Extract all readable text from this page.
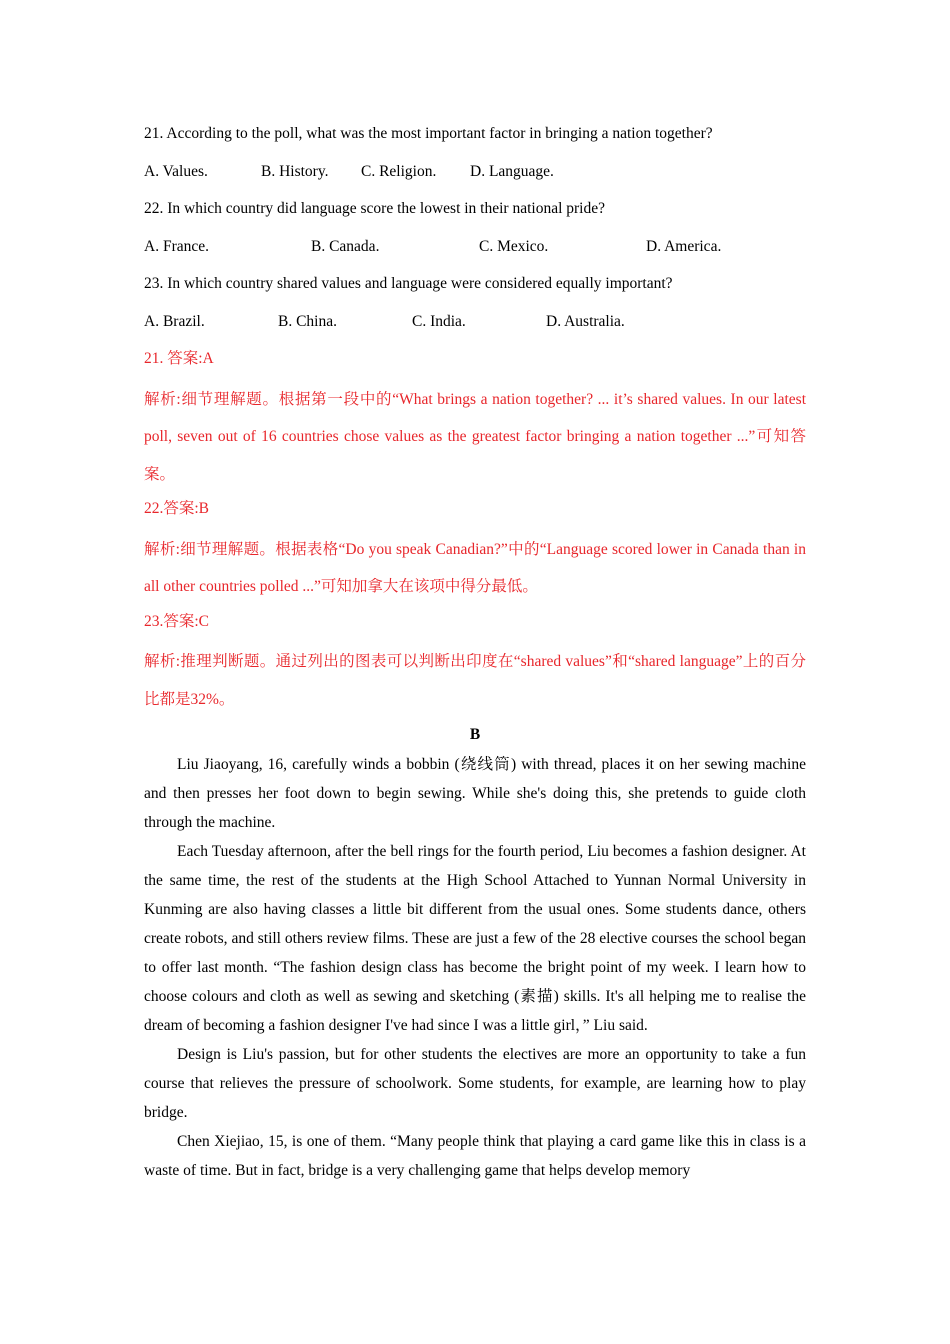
21. According to the poll, what was the most important factor in bringing a nation together?
A. Values.	B. History. C. Religion. D. Language.
22. In which country did language score the lowest in their national pride?
A. France.	B. Canada.	C. Mexico.	D. America.
23. In which country shared values and language were considered equally important?
A. Brazil.	B. China.	C. India.	D. Australia.
21. 答案:A
解析:细节理解题。根据第一段中的“What brings a nation together? ... it’s shared values. In our latest poll, seven out of 16 countries chose values as the greatest factor bringing a nation together ...”可知答案。
22.答案:B
解析:细节理解题。根据表格“Do you speak Canadian?”中的“Language scored lower in Canada than in all other countries polled ...”可知加拿大在该项中得分最低。
23.答案:C
解析:推理判断题。通过列出的图表可以判断出印度在“shared values”和“shared language”上的百分比都是32%。
B
Liu Jiaoyang, 16, carefully winds a bobbin (绕线筒) with thread, places it on her sewing machine and then presses her foot down to begin sewing. While she's doing this, she pretends to guide cloth through the machine.
Each Tuesday afternoon, after the bell rings for the fourth period, Liu becomes a fashion designer. At the same time, the rest of the students at the High School Attached to Yunnan Normal University in Kunming are also having classes a little bit different from the usual ones. Some students dance, others create robots, and still others review films. These are just a few of the 28 elective courses the school began to offer last month. “The fashion design class has become the bright point of my week. I learn how to choose colours and cloth as well as sewing and sketching (素描) skills. It's all helping me to realise the dream of becoming a fashion designer I've had since I was a little girl，” Liu said.
Design is Liu's passion, but for other students the electives are more an opportunity to take a fun course that relieves the pressure of schoolwork. Some students, for example, are learning how to play bridge.
Chen Xiejiao, 15, is one of them. “Many people think that playing a card game like this in class is a waste of time. But in fact, bridge is a very challenging game that helps develop memory
